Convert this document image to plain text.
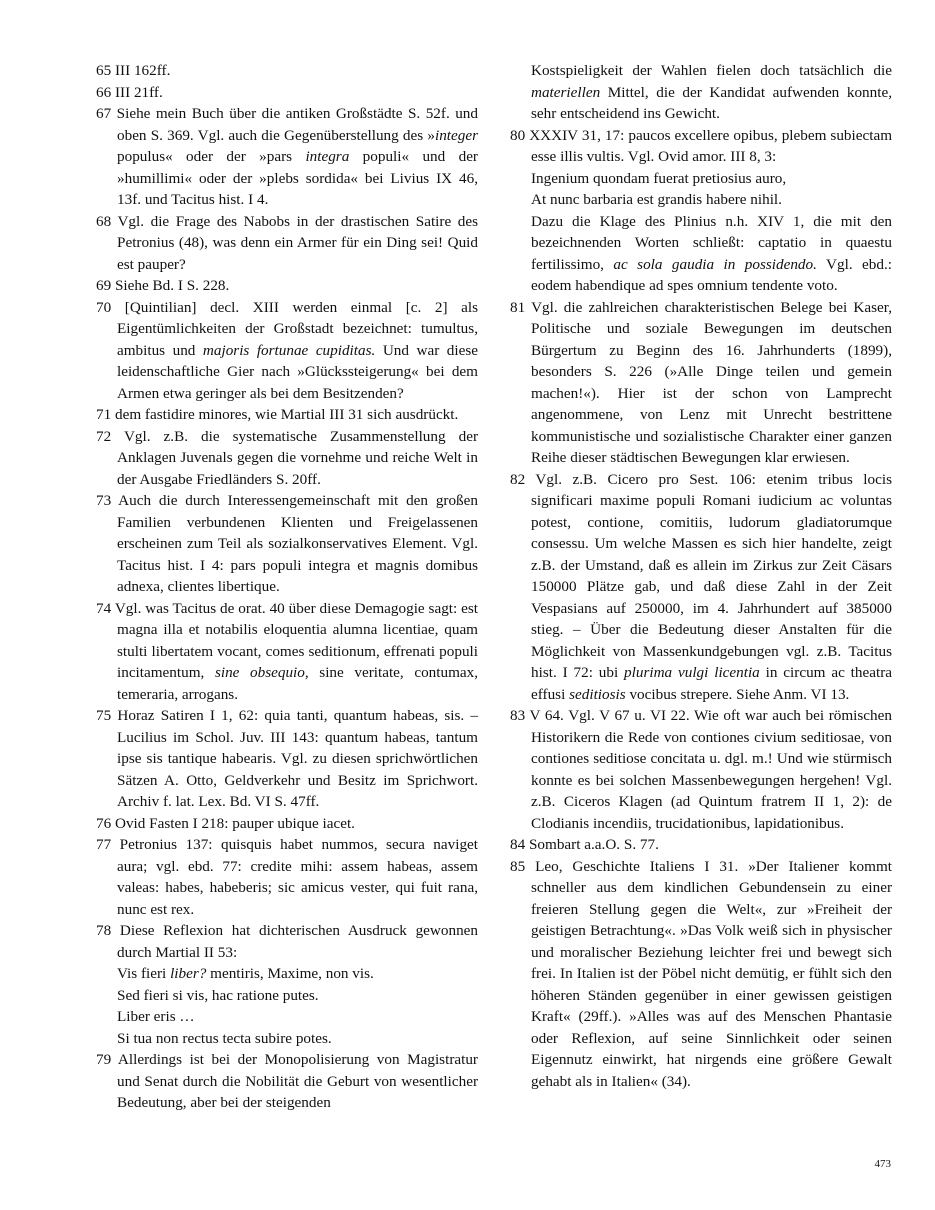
65 III 162ff.

66 III 21ff.

67 Siehe mein Buch über die antiken Großstädte S. 52f. und oben S. 369. Vgl. auch die Gegenüberstellung des »integer populus« oder der »pars integra populi« und der »humillimi« oder der »plebs sordida« bei Livius IX 46, 13f. und Tacitus hist. I 4.

68 Vgl. die Frage des Nabobs in der drastischen Satire des Petronius (48), was denn ein Armer für ein Ding sei! Quid est pauper?

69 Siehe Bd. I S. 228.

70 [Quintilian] decl. XIII werden einmal [c. 2] als Eigentümlichkeiten der Großstadt bezeichnet: tumultus, ambitus und majoris fortunae cupiditas. Und war diese leidenschaftliche Gier nach »Glückssteigerung« bei dem Armen etwa geringer als bei dem Besitzenden?

71 dem fastidire minores, wie Martial III 31 sich ausdrückt.

72 Vgl. z.B. die systematische Zusammenstellung der Anklagen Juvenals gegen die vornehme und reiche Welt in der Ausgabe Friedländers S. 20ff.

73 Auch die durch Interessengemeinschaft mit den großen Familien verbundenen Klienten und Freigelassenen erscheinen zum Teil als sozialkonservatives Element. Vgl. Tacitus hist. I 4: pars populi integra et magnis domibus adnexa, clientes libertique.

74 Vgl. was Tacitus de orat. 40 über diese Demagogie sagt: est magna illa et notabilis eloquentia alumna licentiae, quam stulti libertatem vocant, comes seditionum, effrenati populi incitamentum, sine obsequio, sine veritate, contumax, temeraria, arrogans.

75 Horaz Satiren I 1, 62: quia tanti, quantum habeas, sis. – Lucilius im Schol. Juv. III 143: quantum habeas, tantum ipse sis tantique habearis. Vgl. zu diesen sprichwörtlichen Sätzen A. Otto, Geldverkehr und Besitz im Sprichwort. Archiv f. lat. Lex. Bd. VI S. 47ff.

76 Ovid Fasten I 218: pauper ubique iacet.

77 Petronius 137: quisquis habet nummos, secura naviget aura; vgl. ebd. 77: credite mihi: assem habeas, assem valeas: habes, habeberis; sic amicus vester, qui fuit rana, nunc est rex.

78 Diese Reflexion hat dichterischen Ausdruck gewonnen durch Martial II 53:
Vis fieri liber? mentiris, Maxime, non vis.
Sed fieri si vis, hac ratione putes.
Liber eris …
Si tua non rectus tecta subire potes.

79 Allerdings ist bei der Monopolisierung von Magistratur und Senat durch die Nobilität die Geburt von wesentlicher Bedeutung, aber bei der steigenden

Kostspieligkeit der Wahlen fielen doch tatsächlich die materiellen Mittel, die der Kandidat aufwenden konnte, sehr entscheidend ins Gewicht.

80 XXXIV 31, 17: paucos excellere opibus, plebem subiectam esse illis vultis. Vgl. Ovid amor. III 8, 3:
Ingenium quondam fuerat pretiosius auro,
At nunc barbaria est grandis habere nihil.
Dazu die Klage des Plinius n.h. XIV 1, die mit den bezeichnenden Worten schließt: captatio in quaestu fertilissimo, ac sola gaudia in possidendo. Vgl. ebd.: eodem habendique ad spes omnium tendente voto.

81 Vgl. die zahlreichen charakteristischen Belege bei Kaser, Politische und soziale Bewegungen im deutschen Bürgertum zu Beginn des 16. Jahrhunderts (1899), besonders S. 226 (»Alle Dinge teilen und gemein machen!«). Hier ist der schon von Lamprecht angenommene, von Lenz mit Unrecht bestrittene kommunistische und sozialistische Charakter einer ganzen Reihe dieser städtischen Bewegungen klar erwiesen.

82 Vgl. z.B. Cicero pro Sest. 106: etenim tribus locis significari maxime populi Romani iudicium ac voluntas potest, contione, comitiis, ludorum gladiatorumque consessu. Um welche Massen es sich hier handelte, zeigt z.B. der Umstand, daß es allein im Zirkus zur Zeit Cäsars 150000 Plätze gab, und daß diese Zahl in der Zeit Vespasians auf 250000, im 4. Jahrhundert auf 385000 stieg. – Über die Bedeutung dieser Anstalten für die Möglichkeit von Massenkundgebungen vgl. z.B. Tacitus hist. I 72: ubi plurima vulgi licentia in circum ac theatra effusi seditiosis vocibus strepere. Siehe Anm. VI 13.

83 V 64. Vgl. V 67 u. VI 22. Wie oft war auch bei römischen Historikern die Rede von contiones civium seditiosae, von contiones seditiose concitata u. dgl. m.! Und wie stürmisch konnte es bei solchen Massenbewegungen hergehen! Vgl. z.B. Ciceros Klagen (ad Quintum fratrem II 1, 2): de Clodianis incendiis, trucidationibus, lapidationibus.

84 Sombart a.a.O. S. 77.

85 Leo, Geschichte Italiens I 31. »Der Italiener kommt schneller aus dem kindlichen Gebundensein zu einer freieren Stellung gegen die Welt«, zur »Freiheit der geistigen Betrachtung«. »Das Volk weiß sich in physischer und moralischer Beziehung leichter frei und bewegt sich frei. In Italien ist der Pöbel nicht demütig, er fühlt sich den höheren Ständen gegenüber in einer gewissen geistigen Kraft« (29ff.). »Alles was auf des Menschen Phantasie oder Reflexion, auf seine Sinnlichkeit oder seinen Eigennutz einwirkt, hat nirgends eine größere Gewalt gehabt als in Italien« (34).

473
